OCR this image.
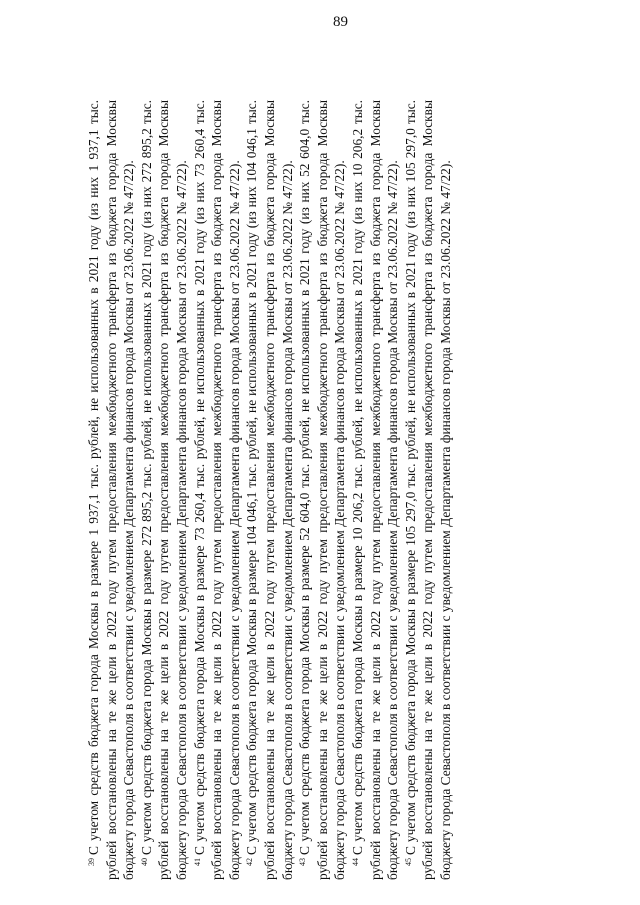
89

$^{39}$С учетом средств бюджета города Москвы в размере 1 937,1 тыс. рублей, не использованных в 2021 году (из них 1 937,1 тыс. рублей восстановлены на те же цели в 2022 году путем предоставления межбюджетного трансферта из бюджета города Москвы бюджету города Севастополя в соответствии с уведомлением Департамента финансов города Москвы от 23.06.2022 № 47/22). $^{40}$С учетом средств бюджета города Москвы в размере 272 895,2 тыс. рублей, не использованных в 2021 году (из них 272 895,2 тыс. рублей восстановлены на те же цели в 2022 году путем предоставления межбюджетного трансферта из бюджета города Москвы бюджету города Севастополя в соответствии с уведомлением Департамента финансов города Москвы от 23.06.2022 № 47/22). $^{41}$С учетом средств бюджета города Москвы в размере 73 260,4 тыс. рублей, не использованных в 2021 году (из них 73 260,4 тыс. рублей восстановлены на те же цели в 2022 году путем предоставления межбюджетного трансферта из бюджета города Москвы бюджету города Севастополя в соответствии с уведомлением Департамента финансов города Москвы от 23.06.2022 № 47/22). $^{42}$С учетом средств бюджета города Москвы в размере 104 046,1 тыс. рублей, не использованных в 2021 году (из них 104 046,1 тыс. рублей восстановлены на те же цели в 2022 году путем предоставления межбюджетного трансферта из бюджета города Москвы бюджету города Севастополя в соответствии с уведомлением Департамента финансов города Москвы от 23.06.2022 № 47/22). $^{43}$С учетом средств бюджета города Москвы в размере 52 604,0 тыс. рублей, не использованных в 2021 году (из них 52 604,0 тыс. рублей восстановлены на те же цели в 2022 году путем предоставления межбюджетного трансферта из бюджета города Москвы бюджету города Севастополя в соответствии с уведомлением Департамента финансов города Москвы от 23.06.2022 № 47/22). $^{44}$С учетом средств бюджета города Москвы в размере 10 206,2 тыс. рублей, не использованных в 2021 году (из них 10 206,2 тыс. рублей восстановлены на те же цели в 2022 году путем предоставления межбюджетного трансферта из бюджета города Москвы бюджету города Севастополя в соответствии с уведомлением Департамента финансов города Москвы от 23.06.2022 № 47/22). $^{45}$С учетом средств бюджета города Москвы в размере 105 297,0 тыс. рублей, не использованных в 2021 году (из них 105 297,0 тыс. рублей восстановлены на те же цели в 2022 году путем предоставления межбюджетного трансферта из бюджета города Москвы бюджету города Севастополя в соответствии с уведомлением Департамента финансов города Москвы от 23.06.2022 № 47/22).
